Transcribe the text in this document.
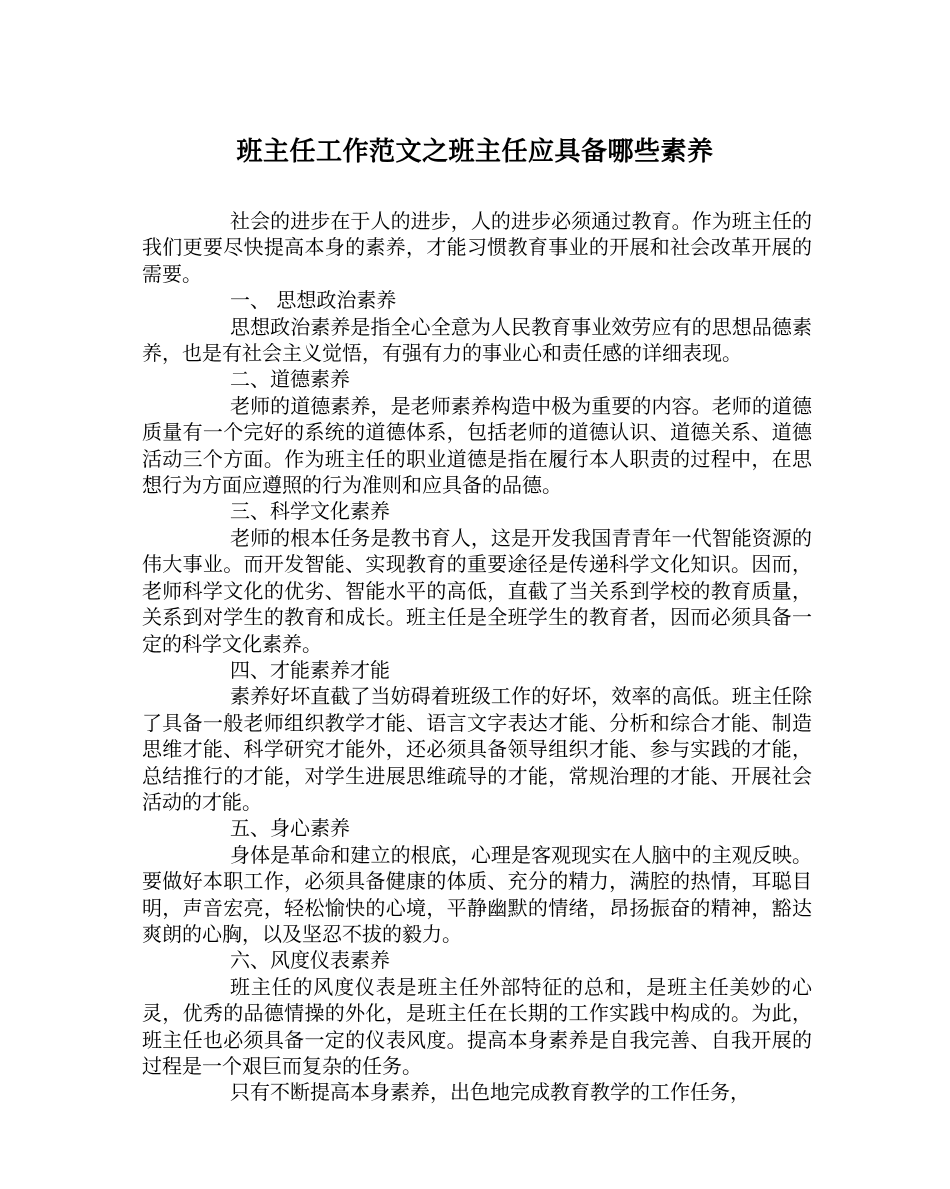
班主任工作范文之班主任应具备哪些素养

社会的进步在于人的进步，人的进步必须通过教育。作为班主任的我们更要尽快提高本身的素养，才能习惯教育事业的开展和社会改革开展的需要。

一、 思想政治素养

思想政治素养是指全心全意为人民教育事业效劳应有的思想品德素养，也是有社会主义觉悟，有强有力的事业心和责任感的详细表现。

二、道德素养

老师的道德素养，是老师素养构造中极为重要的内容。老师的道德质量有一个完好的系统的道德体系，包括老师的道德认识、道德关系、道德活动三个方面。作为班主任的职业道德是指在履行本人职责的过程中，在思想行为方面应遵照的行为准则和应具备的品德。

三、科学文化素养

老师的根本任务是教书育人，这是开发我国青青年一代智能资源的伟大事业。而开发智能、实现教育的重要途径是传递科学文化知识。因而，老师科学文化的优劣、智能水平的高低，直截了当关系到学校的教育质量，关系到对学生的教育和成长。班主任是全班学生的教育者，因而必须具备一定的科学文化素养。

四、才能素养才能

素养好坏直截了当妨碍着班级工作的好坏，效率的高低。班主任除了具备一般老师组织教学才能、语言文字表达才能、分析和综合才能、制造思维才能、科学研究才能外，还必须具备领导组织才能、参与实践的才能，总结推行的才能，对学生进展思维疏导的才能，常规治理的才能、开展社会活动的才能。

五、身心素养

身体是革命和建立的根底，心理是客观现实在人脑中的主观反映。要做好本职工作，必须具备健康的体质、充分的精力，满腔的热情，耳聪目明，声音宏亮，轻松愉快的心境，平静幽默的情绪，昂扬振奋的精神，豁达爽朗的心胸，以及坚忍不拔的毅力。

六、风度仪表素养

班主任的风度仪表是班主任外部特征的总和，是班主任美妙的心灵，优秀的品德情操的外化，是班主任在长期的工作实践中构成的。为此，班主任也必须具备一定的仪表风度。提高本身素养是自我完善、自我开展的过程是一个艰巨而复杂的任务。

只有不断提高本身素养，出色地完成教育教学的工作任务，
